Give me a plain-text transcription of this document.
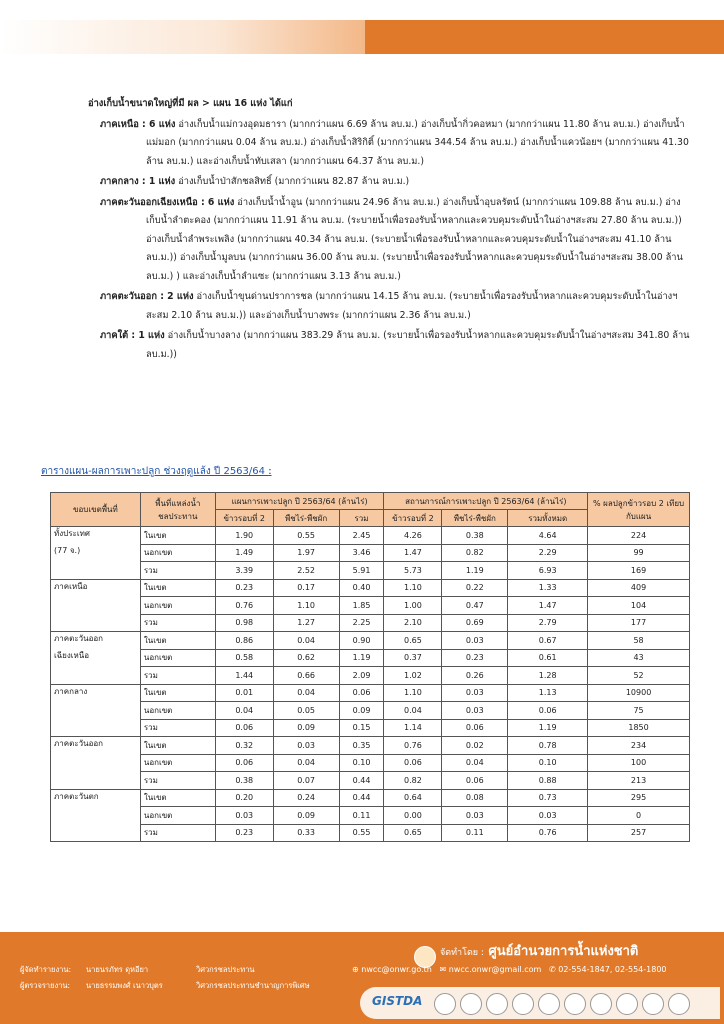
อ่างเก็บน้ำขนาดใหญ่ที่มี ผล > แผน 16 แห่ง ได้แก่

ภาคเหนือ : 6 แห่ง อ่างเก็บน้ำแม่กวงอุดมธารา (มากกว่าแผน 6.69 ล้าน ลบ.ม.) อ่างเก็บน้ำกิ่วคอหมา (มากกว่าแผน 11.80 ล้าน ลบ.ม.) อ่างเก็บน้ำแม่มอก (มากกว่าแผน 0.04 ล้าน ลบ.ม.) อ่างเก็บน้ำสิริกิติ์ (มากกว่าแผน 344.54 ล้าน ลบ.ม.) อ่างเก็บน้ำแควน้อยฯ (มากกว่าแผน 41.30 ล้าน ลบ.ม.) และอ่างเก็บน้ำทับเสลา (มากกว่าแผน 64.37 ล้าน ลบ.ม.)

ภาคกลาง : 1 แห่ง อ่างเก็บน้ำป่าสักชลสิทธิ์ (มากกว่าแผน 82.87 ล้าน ลบ.ม.)

ภาคตะวันออกเฉียงเหนือ : 6 แห่ง อ่างเก็บน้ำน้ำอูน (มากกว่าแผน 24.96 ล้าน ลบ.ม.) อ่างเก็บน้ำอุบลรัตน์ (มากกว่าแผน 109.88 ล้าน ลบ.ม.) อ่างเก็บน้ำลำตะคอง (มากกว่าแผน 11.91 ล้าน ลบ.ม. (ระบายน้ำเพื่อรองรับน้ำหลากและควบคุมระดับน้ำในอ่างฯสะสม 27.80 ล้าน ลบ.ม.)) อ่างเก็บน้ำลำพระเพลิง (มากกว่าแผน 40.34 ล้าน ลบ.ม. (ระบายน้ำเพื่อรองรับน้ำหลากและควบคุมระดับน้ำในอ่างฯสะสม 41.10 ล้าน ลบ.ม.)) อ่างเก็บน้ำมูลบน (มากกว่าแผน 36.00 ล้าน ลบ.ม. (ระบายน้ำเพื่อรองรับน้ำหลากและควบคุมระดับน้ำในอ่างฯสะสม 38.00 ล้าน ลบ.ม.) ) และอ่างเก็บน้ำลำแซะ (มากกว่าแผน 3.13 ล้าน ลบ.ม.)

ภาคตะวันออก : 2 แห่ง อ่างเก็บน้ำขุนด่านปราการชล (มากกว่าแผน 14.15 ล้าน ลบ.ม. (ระบายน้ำเพื่อรองรับน้ำหลากและควบคุมระดับน้ำในอ่างฯสะสม 2.10 ล้าน ลบ.ม.)) และอ่างเก็บน้ำบางพระ (มากกว่าแผน 2.36 ล้าน ลบ.ม.)

ภาคใต้ : 1 แห่ง อ่างเก็บน้ำบางลาง (มากกว่าแผน 383.29 ล้าน ลบ.ม. (ระบายน้ำเพื่อรองรับน้ำหลากและควบคุมระดับน้ำในอ่างฯสะสม 341.80 ล้าน ลบ.ม.))

ตารางแผน-ผลการเพาะปลูก ช่วงฤดูแล้ง ปี 2563/64 :
ขอบเขตพื้นที่	พื้นที่แหล่งน้ำ ชลประทาน	แผนการเพาะปลูก ปี 2563/64 (ล้านไร่)			สถานการณ์การเพาะปลูก ปี 2563/64 (ล้านไร่)			% ผลปลูกข้าวรอบ 2 เทียบกับแผน
		ข้าวรอบที่ 2	พืชไร่-พืชผัก	รวม	ข้าวรอบที่ 2	พืชไร่-พืชผัก	รวมทั้งหมด	
ทั้งประเทศ	ในเขต	1.90	0.55	2.45	4.26	0.38	4.64	224
(77 จ.)	นอกเขต	1.49	1.97	3.46	1.47	0.82	2.29	99
	รวม	3.39	2.52	5.91	5.73	1.19	6.93	169
ภาคเหนือ	ในเขต	0.23	0.17	0.40	1.10	0.22	1.33	409
	นอกเขต	0.76	1.10	1.85	1.00	0.47	1.47	104
	รวม	0.98	1.27	2.25	2.10	0.69	2.79	177
ภาคตะวันออก	ในเขต	0.86	0.04	0.90	0.65	0.03	0.67	58
เฉียงเหนือ	นอกเขต	0.58	0.62	1.19	0.37	0.23	0.61	43
	รวม	1.44	0.66	2.09	1.02	0.26	1.28	52
ภาคกลาง	ในเขต	0.01	0.04	0.06	1.10	0.03	1.13	10900
	นอกเขต	0.04	0.05	0.09	0.04	0.03	0.06	75
	รวม	0.06	0.09	0.15	1.14	0.06	1.19	1850
ภาคตะวันออก	ในเขต	0.32	0.03	0.35	0.76	0.02	0.78	234
	นอกเขต	0.06	0.04	0.10	0.06	0.04	0.10	100
	รวม	0.38	0.07	0.44	0.82	0.06	0.88	213
ภาคตะวันตก	ในเขต	0.20	0.24	0.44	0.64	0.08	0.73	295
	นอกเขต	0.03	0.09	0.11	0.00	0.03	0.03	0
	รวม	0.23	0.33	0.55	0.65	0.11	0.76	257
จัดทำโดย : ศูนย์อำนวยการน้ำแห่งชาติ
⊕ nwcc@onwr.go.th ✉ nwcc.onwr@gmail.com ✆ 02-554-1847, 02-554-1800
ผู้จัดทำรายงาน: นายนรภัทร ดุหอียา	วิศวกรชลประทาน
ผู้ตรวจรายงาน: นายธรรมพงศ์ เนาวบุตร	วิศวกรชลประทานชำนาญการพิเศษ
GISTDA
